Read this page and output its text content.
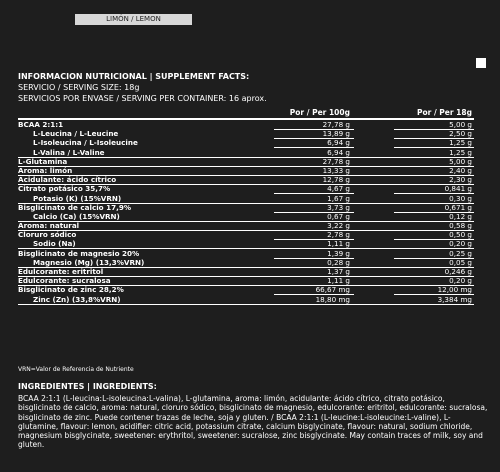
LIMÓN / LEMON
INFORMACION NUTRICIONAL | SUPPLEMENT FACTS:
SERVICIO / SERVING SIZE: 18g
SERVICIOS POR ENVASE / SERVING PER CONTAINER: 16 aprox.
Por / Per 100g	Por / Per 18g
BCAA 2:1:1	27,78 g	5,00 g
L-Leucina / L-Leucine	13,89 g	2,50 g
L-Isoleucina / L-Isoleucine	6,94 g	1,25 g
L-Valina / L-Valine	6,94 g	1,25 g
L-Glutamina	27,78 g	5,00 g
Aroma: limón	13,33 g	2,40 g
Acidulante: ácido cítrico	12,78 g	2,30 g
Citrato potásico 35,7%	4,67 g	0,841 g
Potasio (K) (15%VRN)	1,67 g	0,30 g
Bisglicinato de calcio 17,9%	3,73 g	0,671 g
Calcio (Ca) (15%VRN)	0,67 g	0,12 g
Aroma: natural	3,22 g	0,58 g
Cloruro sódico	2,78 g	0,50 g
Sodio (Na)	1,11 g	0,20 g
Bisglicinato de magnesio 20%	1,39 g	0,25 g
Magnesio (Mg) (13,3%VRN)	0,28 g	0,05 g
Edulcorante: eritritol	1,37 g	0,246 g
Edulcorante: sucralosa	1,11 g	0,20 g
Bisglicinato de zinc 28,2%	66,67 mg	12,00 mg
Zinc (Zn) (33,8%VRN)	18,80 mg	3,384 mg
VRN=Valor de Referencia de Nutriente
INGREDIENTES | INGREDIENTS:
BCAA 2:1:1 (L-leucina:L-isoleucina:L-valina), L-glutamina, aroma: limón, acidulante: ácido cítrico, citrato potásico, bisglicinato de calcio, aroma: natural, cloruro sódico, bisglicinato de magnesio, edulcorante: eritritol, edulcorante: sucralosa, bisglicinato de zinc. Puede contener trazas de leche, soja y gluten. / BCAA 2:1:1 (L-leucine:L-isoleucine:L-valine), L-glutamine, flavour: lemon, acidifier: citric acid, potassium citrate, calcium bisglycinate, flavour: natural, sodium chloride, magnesium bisglycinate, sweetener: erythritol, sweetener: sucralose, zinc bisglycinate. May contain traces of milk, soy and gluten.
